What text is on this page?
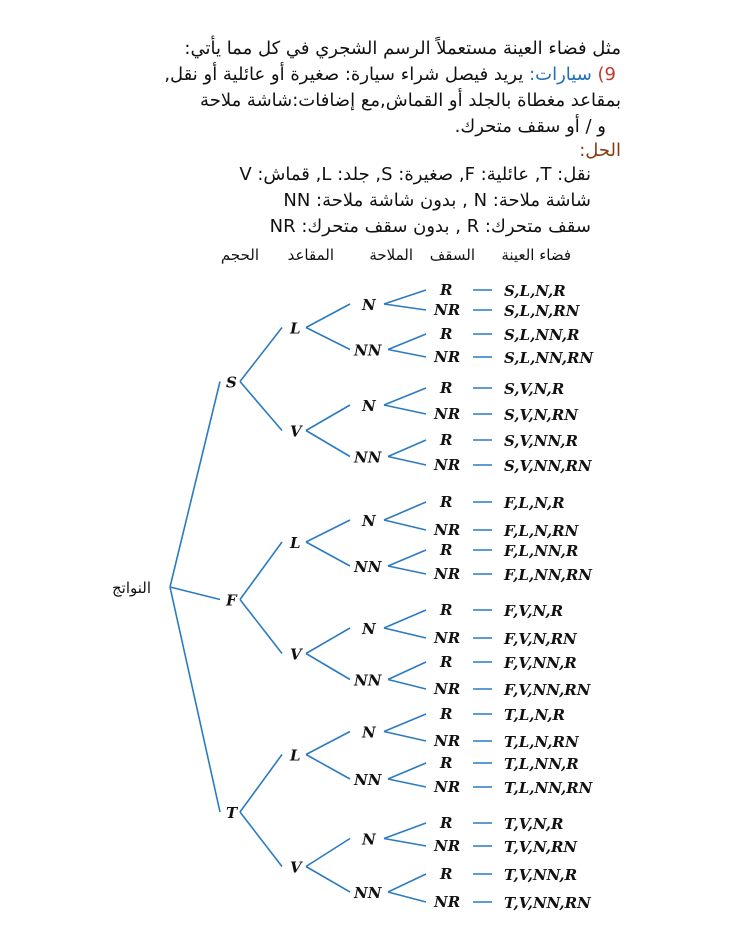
مثل فضاء العينة مستعملاً الرسم الشجري في كل مما يأتي:
9) سيارات: يريد فيصل شراء سيارة: صغيرة أو عائلية أو نقل,
بمقاعد مغطاة بالجلد أو القماش,مع إضافات:شاشة ملاحة
و / أو سقف متحرك.
الحل:
نقل: T, عائلية: F, صغيرة: S, جلد: L, قماش: V
شاشة ملاحة: N , بدون شاشة ملاحة: NN
سقف متحرك: R , بدون سقف متحرك: NR
فضاء العينة
السقف
الملاحة
المقاعد
الحجم
النواتج
S
L
N
R	S,L,N,R
NR	S,L,N,RN
NN
R	S,L,NN,R
NR	S,L,NN,RN
V
N
R	S,V,N,R
NR	S,V,N,RN
NN
R	S,V,NN,R
NR	S,V,NN,RN
F
L
N
R	F,L,N,R
NR	F,L,N,RN
NN
R	F,L,NN,R
NR	F,L,NN,RN
V
N
R	F,V,N,R
NR	F,V,N,RN
NN
R	F,V,NN,R
NR	F,V,NN,RN
T
L
N
R	T,L,N,R
NR	T,L,N,RN
NN
R	T,L,NN,R
NR	T,L,NN,RN
V
N
R	T,V,N,R
NR	T,V,N,RN
NN
R	T,V,NN,R
NR	T,V,NN,RN
